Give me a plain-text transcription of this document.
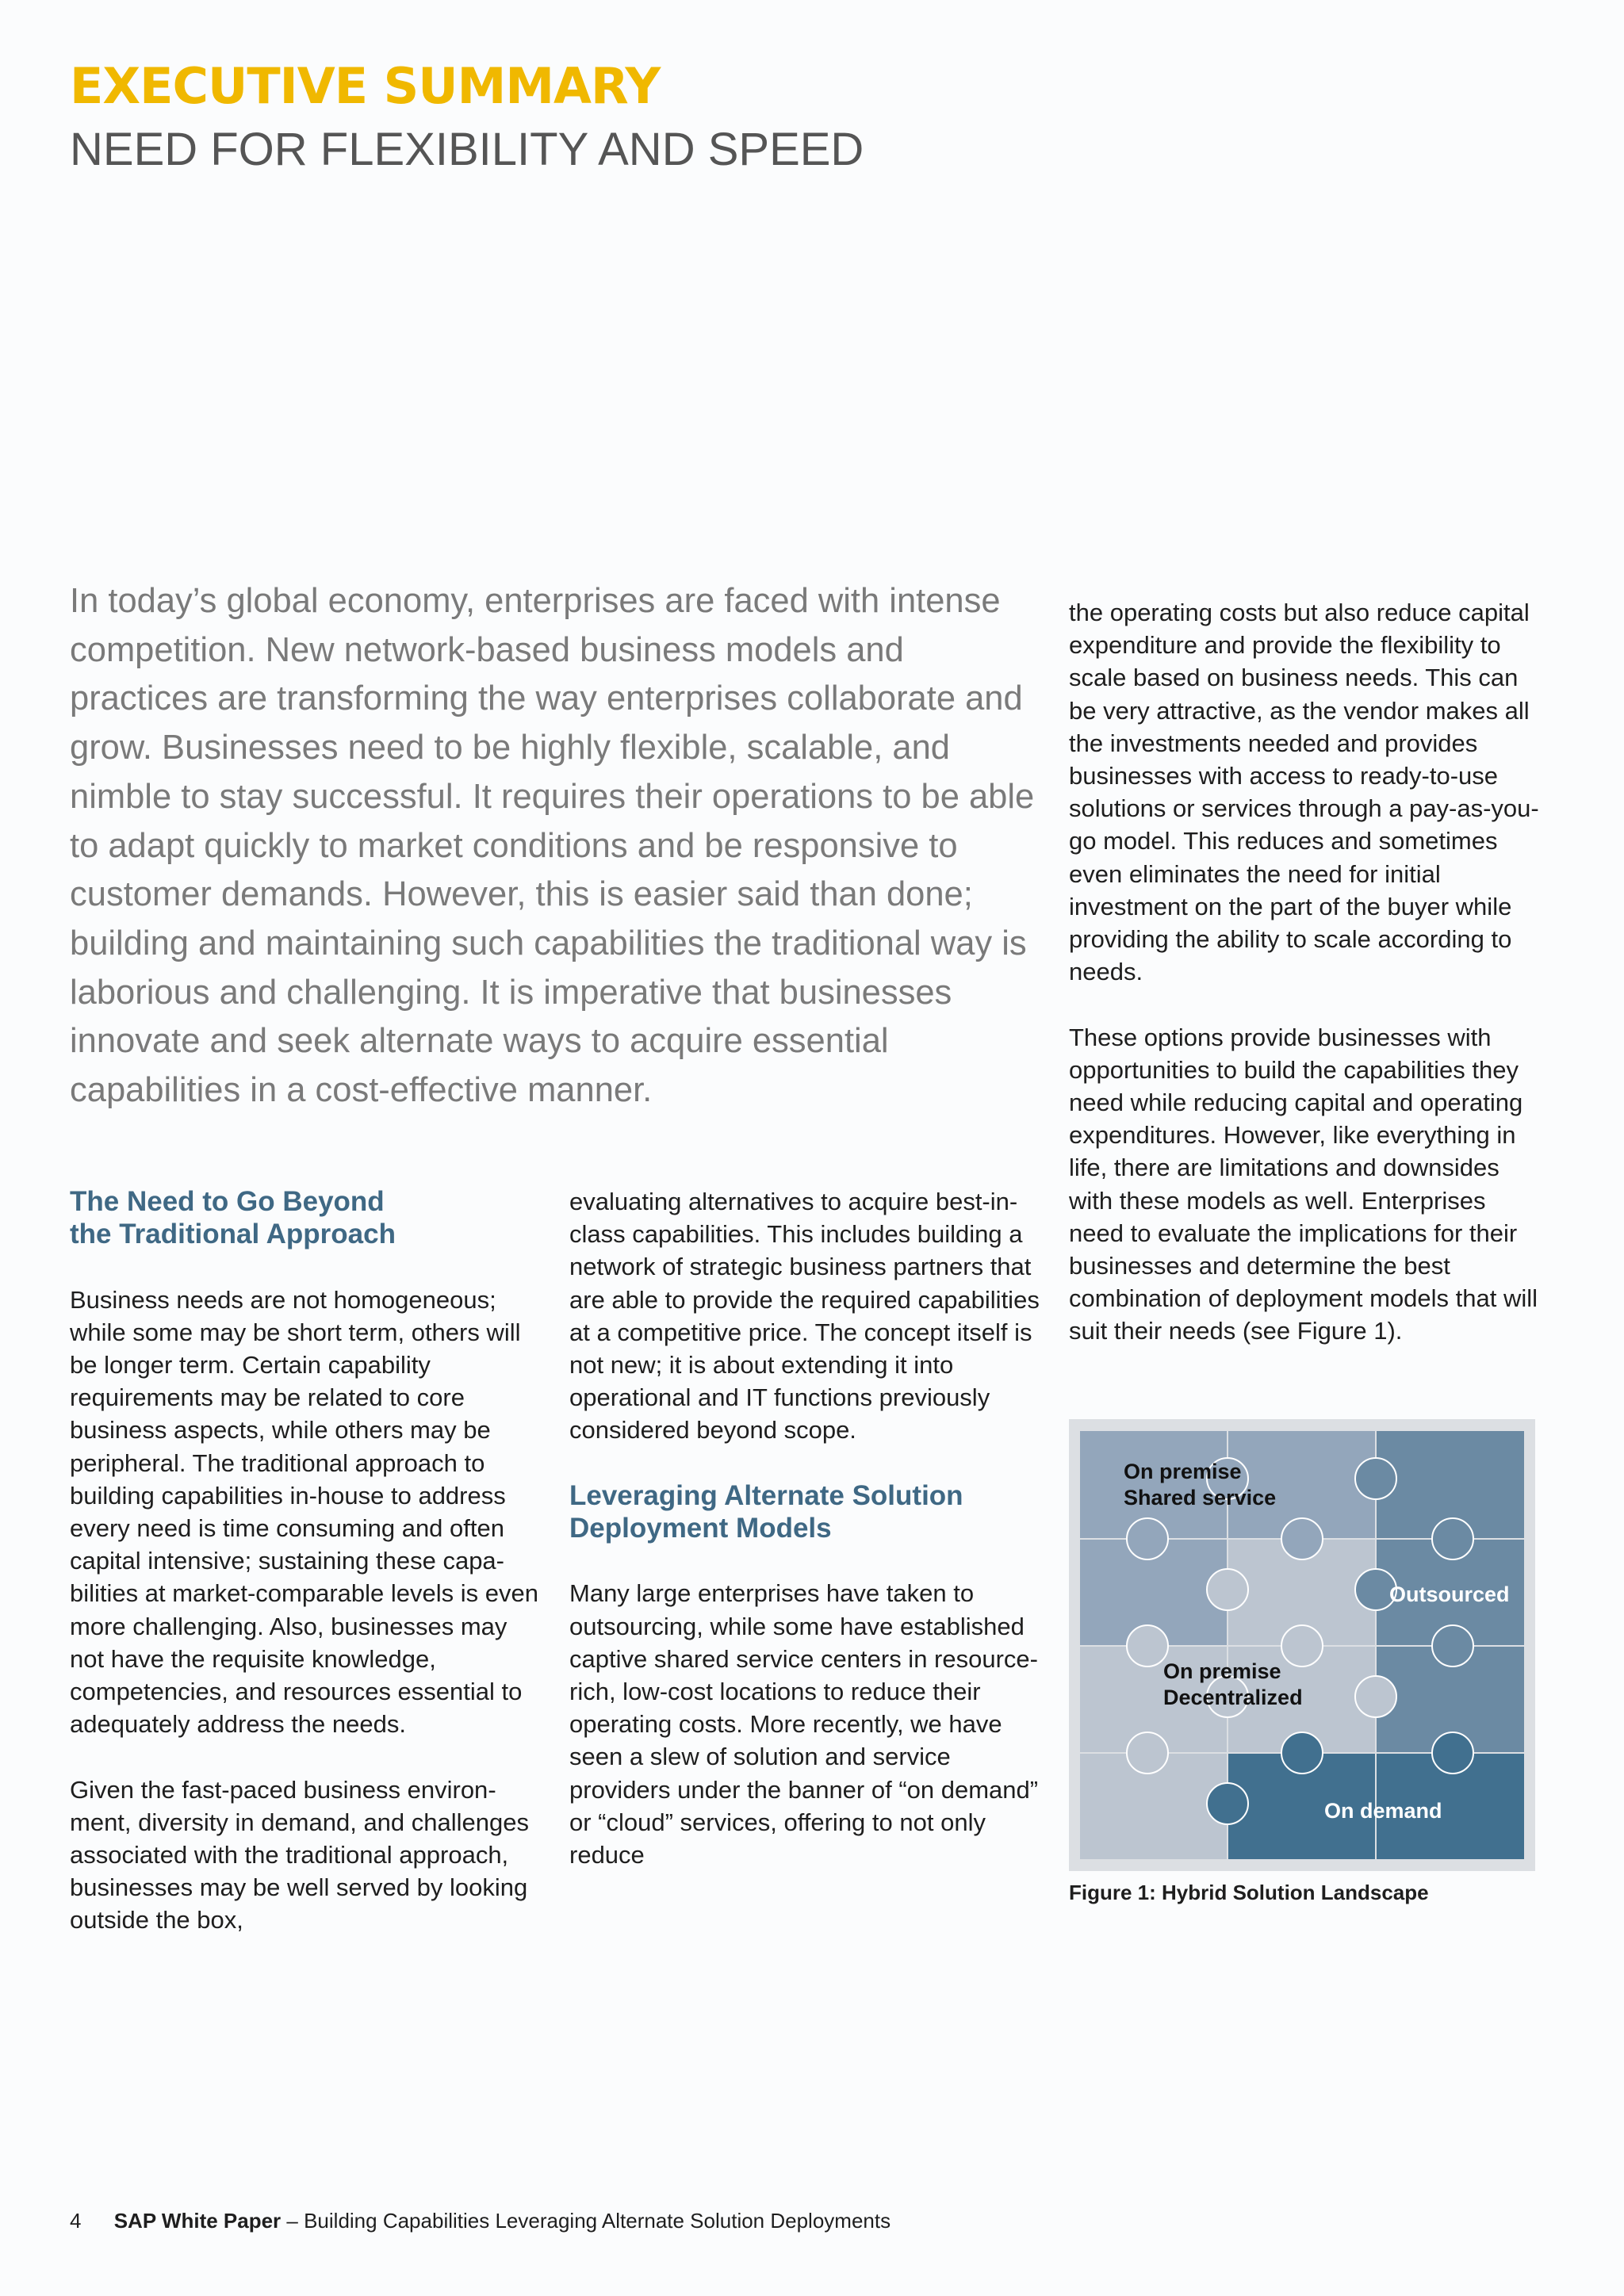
EXECUTIVE SUMMARY
NEED FOR FLEXIBILITY AND SPEED

In today’s global economy, enterprises are faced with intense competition. New network-based business models and practices are transforming the way enterprises collaborate and grow. Businesses need to be highly flexible, scalable, and nimble to stay successful. It requires their operations to be able to adapt quickly to market conditions and be responsive to customer demands. However, this is easier said than done; building and maintaining such capabilities the traditional way is laborious and challenging. It is imperative that businesses innovate and seek alternate ways to acquire essential capabilities in a cost-effective manner.

The Need to Go Beyond
the Traditional Approach

Business needs are not homogeneous; while some may be short term, others will be longer term. Certain capability requirements may be related to core business aspects, while others may be peripheral. The traditional approach to building capabilities in-house to address every need is time consuming and often capital intensive; sustaining these capabilities at market-comparable levels is even more challenging. Also, businesses may not have the requisite knowledge, competencies, and resources essential to adequately address the needs.

Given the fast-paced business environment, diversity in demand, and challenges associated with the traditional approach, businesses may be well served by looking outside the box,

evaluating alternatives to acquire best-in-class capabilities. This includes building a network of strategic business partners that are able to provide the required capabilities at a competitive price. The concept itself is not new; it is about extending it into operational and IT functions previously considered beyond scope.

Leveraging Alternate Solution
Deployment Models

Many large enterprises have taken to outsourcing, while some have established captive shared service centers in resource-rich, low-cost locations to reduce their operating costs. More recently, we have seen a slew of solution and service providers under the banner of “on demand” or “cloud” services, offering to not only reduce

the operating costs but also reduce capital expenditure and provide the flexibility to scale based on business needs. This can be very attractive, as the vendor makes all the investments needed and provides businesses with access to ready-to-use solutions or services through a pay-as-you-go model. This reduces and sometimes even eliminates the need for initial investment on the part of the buyer while providing the ability to scale according to needs.

These options provide businesses with opportunities to build the capabilities they need while reducing capital and operating expenditures. However, like everything in life, there are limitations and downsides with these models as well. Enterprises need to evaluate the implications for their businesses and determine the best combination of deployment models that will suit their needs (see Figure 1).

On premise Shared service
Outsourced
On premise Decentralized
On demand

Figure 1: Hybrid Solution Landscape

4 SAP White Paper – Building Capabilities Leveraging Alternate Solution Deployments
